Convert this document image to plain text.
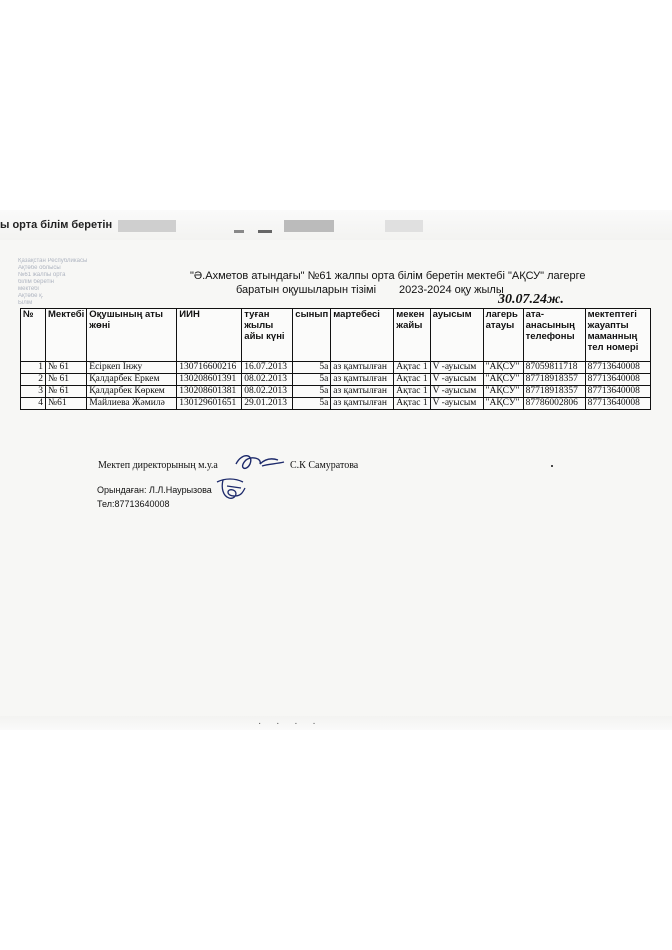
ы орта білім беретін
Қазақстан Республикасы
Ақтөбе облысы
№61 жалпы орта
білім беретін
мектебі
Ақтөбе қ.
Білім
"Ә.Ахметов атындағы" №61 жалпы орта білім беретін мектебі "АҚСУ" лагерге
баратын оқушыларын тізімі 2023-2024 оқу жылы
30.07.24ж.
№	Мектебі	Оқушының аты жөні	ИИН	туған жылы айы күні	сынып	мартебесі	мекен жайы	ауысым	лагерь атауы	ата-анасының телефоны	мектептегі жауапты маманның тел номері
1	№ 61	Есіркеп Інжу	130716600216	16.07.2013	5а	аз қамтылған	Ақтас 1	V -ауысым	"АҚСУ"	87059811718	87713640008
2	№ 61	Қалдарбек Еркем	130208601391	08.02.2013	5а	аз қамтылған	Ақтас 1	V -ауысым	"АҚСУ"	87718918357	87713640008
3	№ 61	Қалдарбек Көркем	130208601381	08.02.2013	5а	аз қамтылған	Ақтас 1	V -ауысым	"АҚСУ"	87718918357	87713640008
4	№61	Майлиева Жәмилә	130129601651	29.01.2013	5а	аз қамтылған	Ақтас 1	V -ауысым	"АҚСУ"	87786002806	87713640008
Мектеп директорының м.у.а	С.К Самуратова
Орындаған: Л.Л.Наурызова
Тел:87713640008
· · · ·
